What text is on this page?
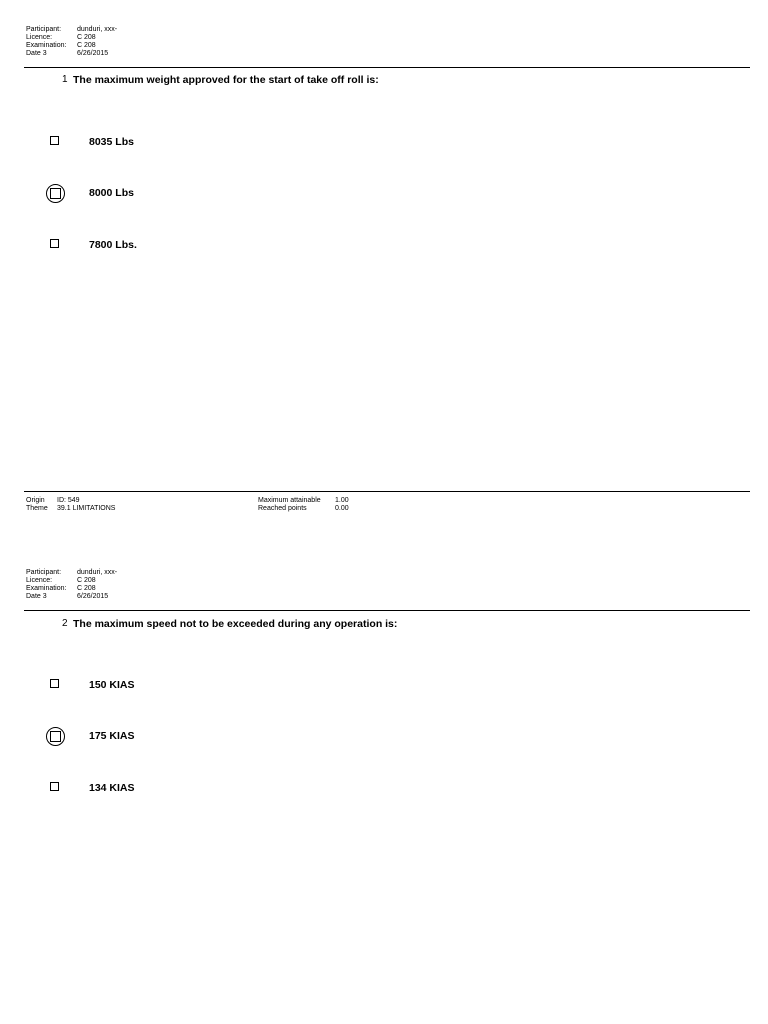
Participant:	dunduri, xxx-
Licence:	C 208
Examination:	C 208
Date 3	6/26/2015
1 The maximum weight approved for the start of take off roll is:
8035 Lbs
8000 Lbs
7800 Lbs.
Origin ID: 549
Theme 39.1 LIMITATIONS
Maximum attainable 1.00
Reached points	0.00
Participant:	dunduri, xxx-
Licence:	C 208
Examination:	C 208
Date 3	6/26/2015
2 The maximum speed not to be exceeded during any operation is:
150 KIAS
175 KIAS
134 KIAS
